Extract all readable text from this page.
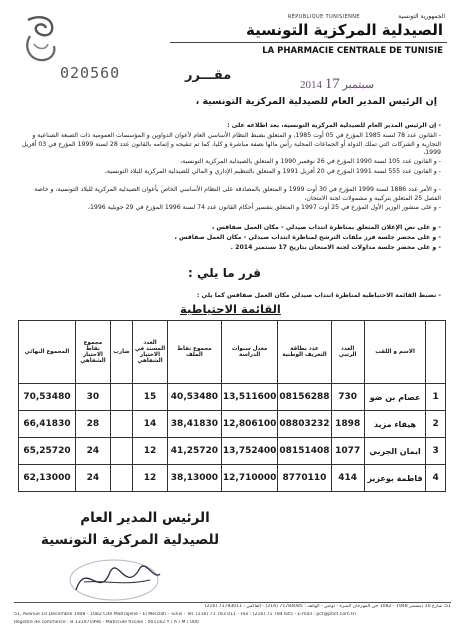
الجمهورية التونسية
RÉPUBLIQUE TUNISIENNE
الصيدلية المركزية التونسية
LA PHARMACIE CENTRALE DE TUNISIE
020560	مقـــرر
2014 سبتمبر 17
إن الرئيس المدير العام للصيدلية المركزية التونسية ،
- إن الرئيس المدير العام للصيدلية المركزية التونسية، بعد اطلاعه على :
- القانون عدد 78 لسنة 1985 المؤرخ في 05 أوت 1985، و المتعلق بضبط النظام الأساسي العام لأعوان الدواوين و المؤسسات العمومية ذات الصبغة الصناعية و التجارية و الشركات التي تملك الدولة أو الجماعات المحلية رأس مالها بصفة مباشرة و كليا، كما تم تنقيحه و إتمامه بالقانون عدد 28 لسنة 1999 المؤرخ في 03 أفريل 1999،
- و القانون عدد 105 لسنة 1990 المؤرخ في 26 نوفمبر 1990 و المتعلق بالصيدلية المركزية التونسية،
- و القانون عدد 555 لسنة 1991 المؤرخ في 20 أفريل 1991 و المتعلق بالتنظيم الإداري و المالي للصيدلية المركزية للبلاد التونسية،
- و الأمر عدد 1886 لسنة 1999 المؤرخ في 30 أوت 1999 و المتعلق بالمصادقة على النظام الأساسي الخاص بأعوان الصيدلية المركزية للبلاد التونسية، و خاصة الفصل 25 المتعلق بتركيبة و مشمولات لجنة الامتحان،
- و على منشور الوزير الأول المؤرخ في 25 أوت 1997 و المتعلق بتفسير أحكام القانون عدد 74 لسنة 1996 المؤرخ في 29 جويلية 1996،
- و على نص الإعلان المتعلق بمناظرة انتداب صيدلي - مكان العمل صفاقس ،
- و على محضر جلسة فرز ملفات الترشح لمناظرة انتداب صيدلي - مكان العمل صفاقس ،
- و على محضر جلسة مداولات لجنة الامتحان بتاريخ 17 سبتمبر 2014 .
قرر ما يلي :
- تضبط القائمة الاحتياطية لمناظرة انتداب صيدلي مكان العمل صفاقس كما يلي :
القائمة الاحتياطية
	الاسم و اللقب	العدد الرتبي	عدد بطاقة التعريف الوطنية	معدل سنوات الدراسة	مجموع نقاط الملف	العدد المسند في الاختبار الشفاهي	ضارب	مجموع نقاط الاختبار الشفاهي	المجموع النهائي
1	عصام بن ضو	730	08156288	13,511600	40,53480	15		30	70,53480
2	هيفاء مزيد	1898	08803232	12,806100	38,41830	14		28	66,41830
3	ايمان الجربي	1077	08151408	13,752400	41,25720	12		24	65,25720
4	فاطمة بوعزيز	414	8770110	12,710000	38,13000	12		24	62,13000
الرئيس المدير العام
للصيدلية المركزية التونسية
51، شارع 10 ديسمبر 1948 - 1082 حي المهرجان المنزه - تونس - الهاتف : 71784085 (216) - الفاكس : 71783011 (216)
51, Avenue 10 Décembre 1948 - 1082 Cité Mahrajène - El Menzah - Tunis - Tél. (216) 71 783 011 - Fax : (216) 71 784 645 - E-mail : pct@phct.com.tn
Registre de commerce : B 131971996 - Matricule fiscale : 001162 Y / A / M / 000
